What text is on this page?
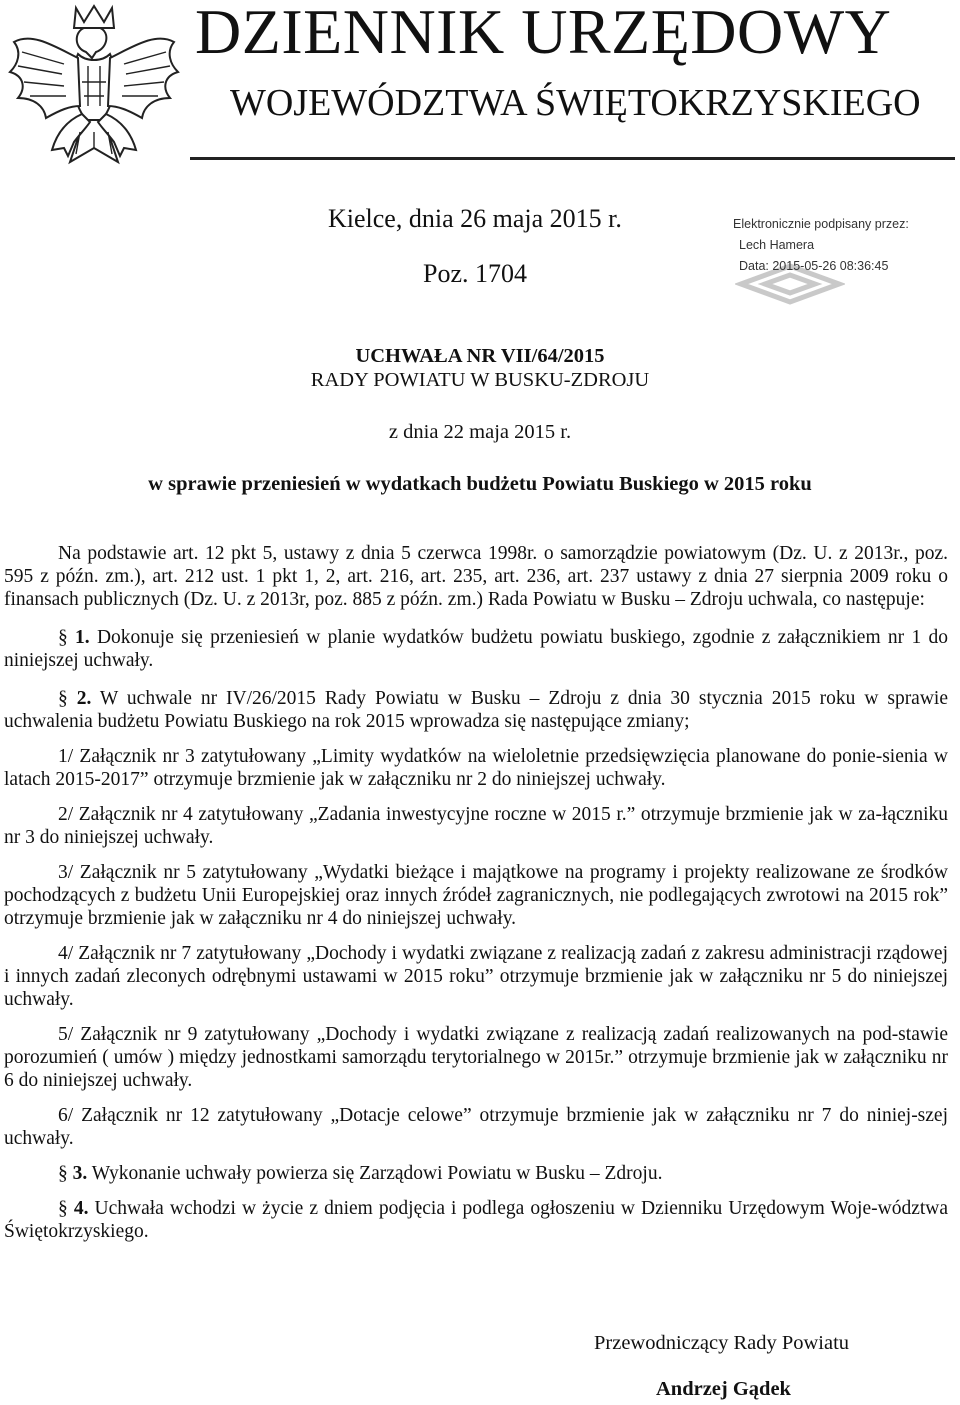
DZIENNIK URZĘDOWY
WOJEWÓDZTWA ŚWIĘTOKRZYSKIEGO
Kielce, dnia 26 maja 2015 r.
Poz. 1704
Elektronicznie podpisany przez:
Lech Hamera
Data: 2015-05-26 08:36:45
UCHWAŁA NR VII/64/2015
RADY POWIATU W BUSKU-ZDROJU
z dnia 22 maja 2015 r.
w sprawie przeniesień w wydatkach budżetu Powiatu Buskiego w 2015 roku

Na podstawie art. 12 pkt 5, ustawy z dnia 5 czerwca 1998r. o samorządzie powiatowym (Dz. U. z 2013r., poz. 595 z późn. zm.), art. 212 ust. 1 pkt 1, 2, art. 216, art. 235, art. 236, art. 237 ustawy z dnia 27 sierpnia 2009 roku o finansach publicznych (Dz. U. z 2013r, poz. 885 z późn. zm.) Rada Powiatu w Busku – Zdroju uchwala, co następuje:

§ 1. Dokonuje się przeniesień w planie wydatków budżetu powiatu buskiego, zgodnie z załącznikiem nr 1 do niniejszej uchwały.

§ 2. W uchwale nr IV/26/2015 Rady Powiatu w Busku – Zdroju z dnia 30 stycznia 2015 roku w sprawie uchwalenia budżetu Powiatu Buskiego na rok 2015 wprowadza się następujące zmiany;

1/ Załącznik nr 3 zatytułowany „Limity wydatków na wieloletnie przedsięwzięcia planowane do ponie-sienia w latach 2015-2017” otrzymuje brzmienie jak w załączniku nr 2 do niniejszej uchwały.

2/ Załącznik nr 4 zatytułowany „Zadania inwestycyjne roczne w 2015 r.” otrzymuje brzmienie jak w za-łączniku nr 3 do niniejszej uchwały.

3/ Załącznik nr 5 zatytułowany „Wydatki bieżące i majątkowe na programy i projekty realizowane ze środków pochodzących z budżetu Unii Europejskiej oraz innych źródeł zagranicznych, nie podlegających zwrotowi na 2015 rok” otrzymuje brzmienie jak w załączniku nr 4 do niniejszej uchwały.

4/ Załącznik nr 7 zatytułowany „Dochody i wydatki związane z realizacją zadań z zakresu administracji rządowej i innych zadań zleconych odrębnymi ustawami w 2015 roku” otrzymuje brzmienie jak w załączniku nr 5 do niniejszej uchwały.

5/ Załącznik nr 9 zatytułowany „Dochody i wydatki związane z realizacją zadań realizowanych na pod-stawie porozumień ( umów ) między jednostkami samorządu terytorialnego w 2015r.” otrzymuje brzmienie jak w załączniku nr 6 do niniejszej uchwały.

6/ Załącznik nr 12 zatytułowany „Dotacje celowe” otrzymuje brzmienie jak w załączniku nr 7 do niniej-szej uchwały.

§ 3. Wykonanie uchwały powierza się Zarządowi Powiatu w Busku – Zdroju.

§ 4. Uchwała wchodzi w życie z dniem podjęcia i podlega ogłoszeniu w Dzienniku Urzędowym Woje-wództwa Świętokrzyskiego.

Przewodniczący Rady Powiatu
Andrzej Gądek
